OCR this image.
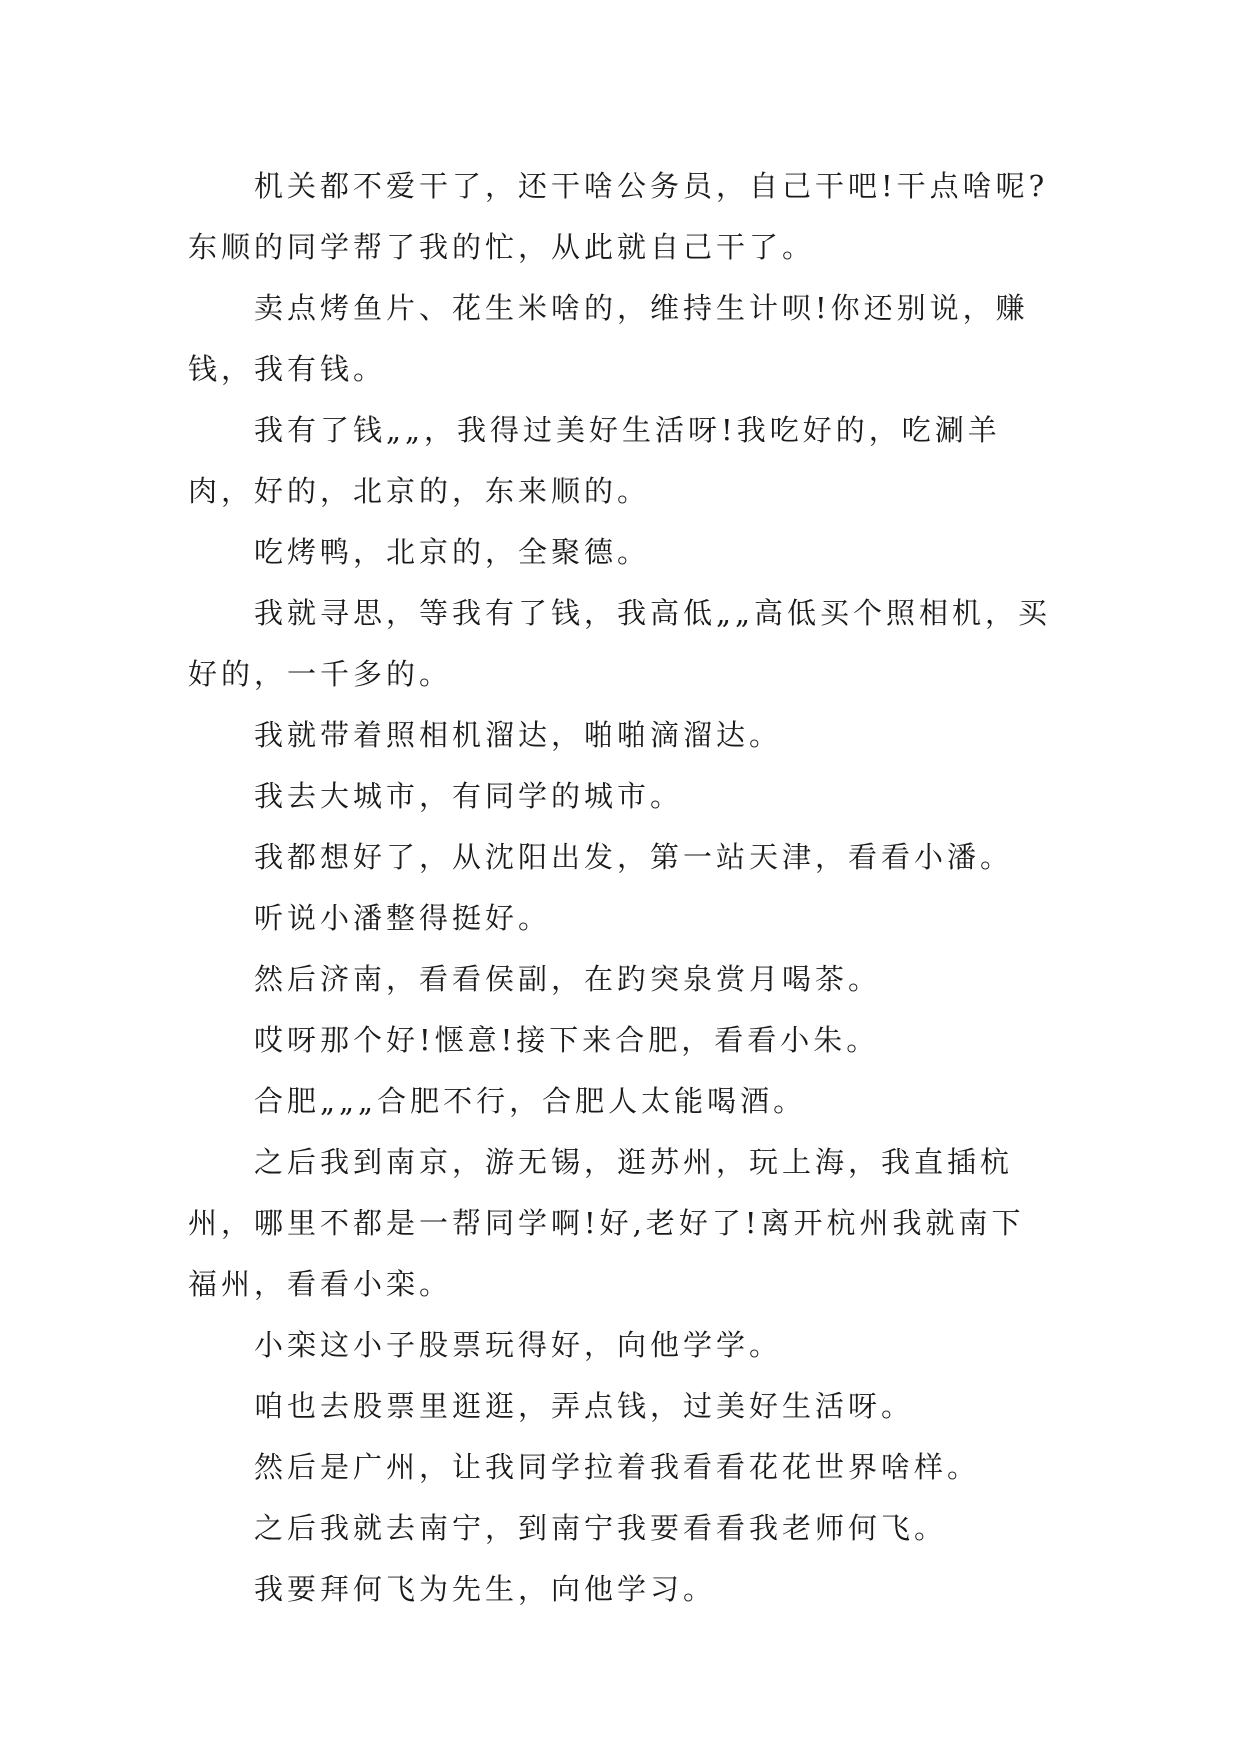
机关都不爱干了，还干啥公务员，自己干吧!干点啥呢?东顺的同学帮了我的忙，从此就自己干了。

卖点烤鱼片、花生米啥的，维持生计呗!你还别说，赚钱，我有钱。

我有了钱„„，我得过美好生活呀!我吃好的，吃涮羊肉，好的，北京的，东来顺的。

吃烤鸭，北京的，全聚德。

我就寻思，等我有了钱，我高低„„高低买个照相机，买好的，一千多的。

我就带着照相机溜达，啪啪滴溜达。

我去大城市，有同学的城市。

我都想好了，从沈阳出发，第一站天津，看看小潘。

听说小潘整得挺好。

然后济南，看看侯副，在趵突泉赏月喝茶。

哎呀那个好!惬意!接下来合肥，看看小朱。

合肥„„„合肥不行，合肥人太能喝酒。

之后我到南京，游无锡，逛苏州，玩上海，我直插杭州，哪里不都是一帮同学啊!好,老好了!离开杭州我就南下福州，看看小栾。

小栾这小子股票玩得好，向他学学。

咱也去股票里逛逛，弄点钱，过美好生活呀。

然后是广州，让我同学拉着我看看花花世界啥样。

之后我就去南宁，到南宁我要看看我老师何飞。

我要拜何飞为先生，向他学习。
